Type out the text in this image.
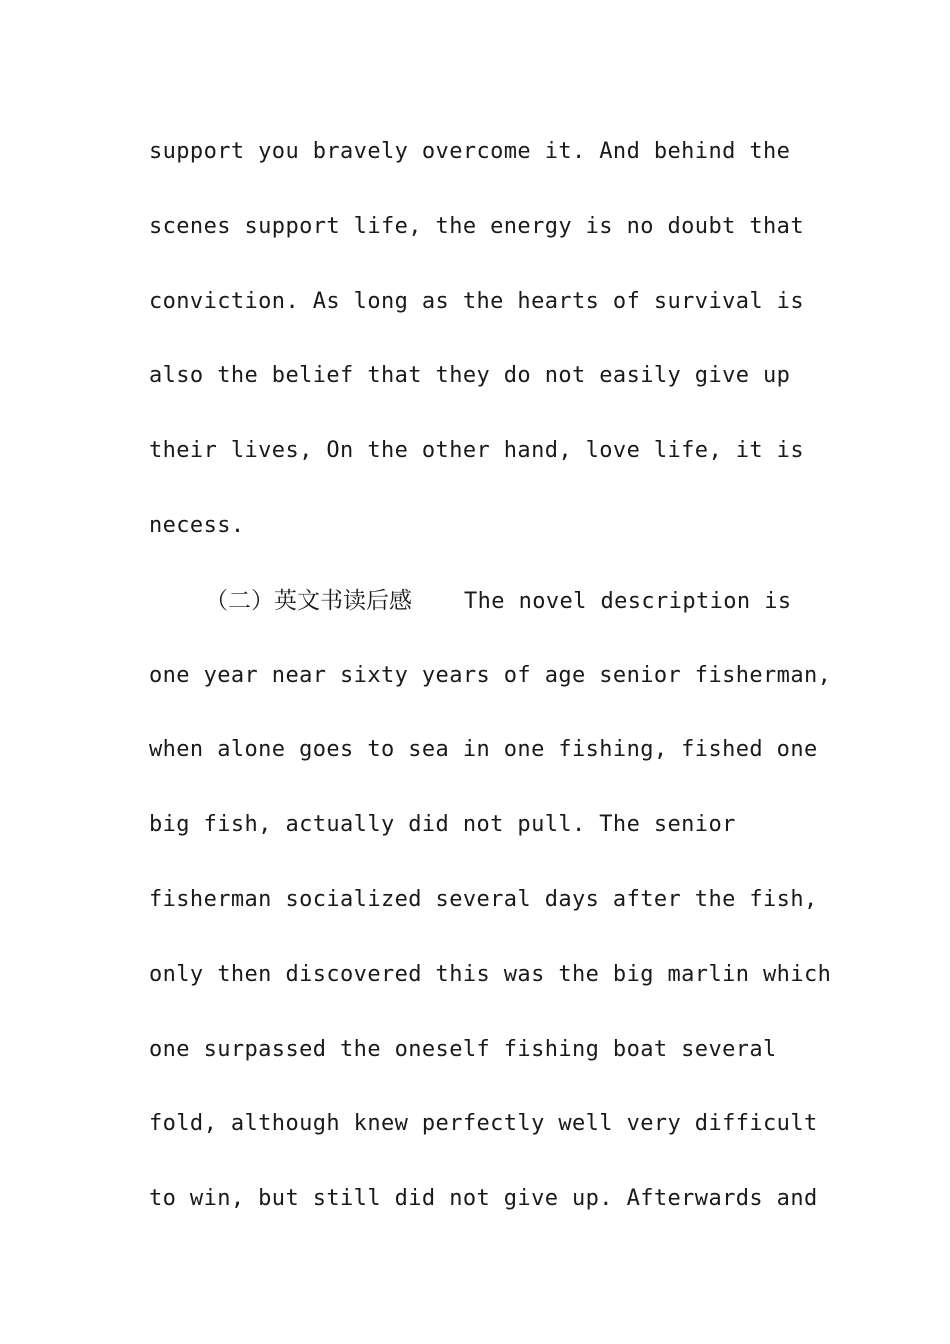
support you bravely overcome it. And behind the
scenes support life, the energy is no doubt that
conviction. As long as the hearts of survival is
also the belief that they do not easily give up
their lives, On the other hand, love life, it is
necess.
（二）英文书读后感 The novel description is
one year near sixty years of age senior fisherman,
when alone goes to sea in one fishing, fished one
big fish, actually did not pull. The senior
fisherman socialized several days after the fish,
only then discovered this was the big marlin which
one surpassed the oneself fishing boat several
fold, although knew perfectly well very difficult
to win, but still did not give up. Afterwards and
